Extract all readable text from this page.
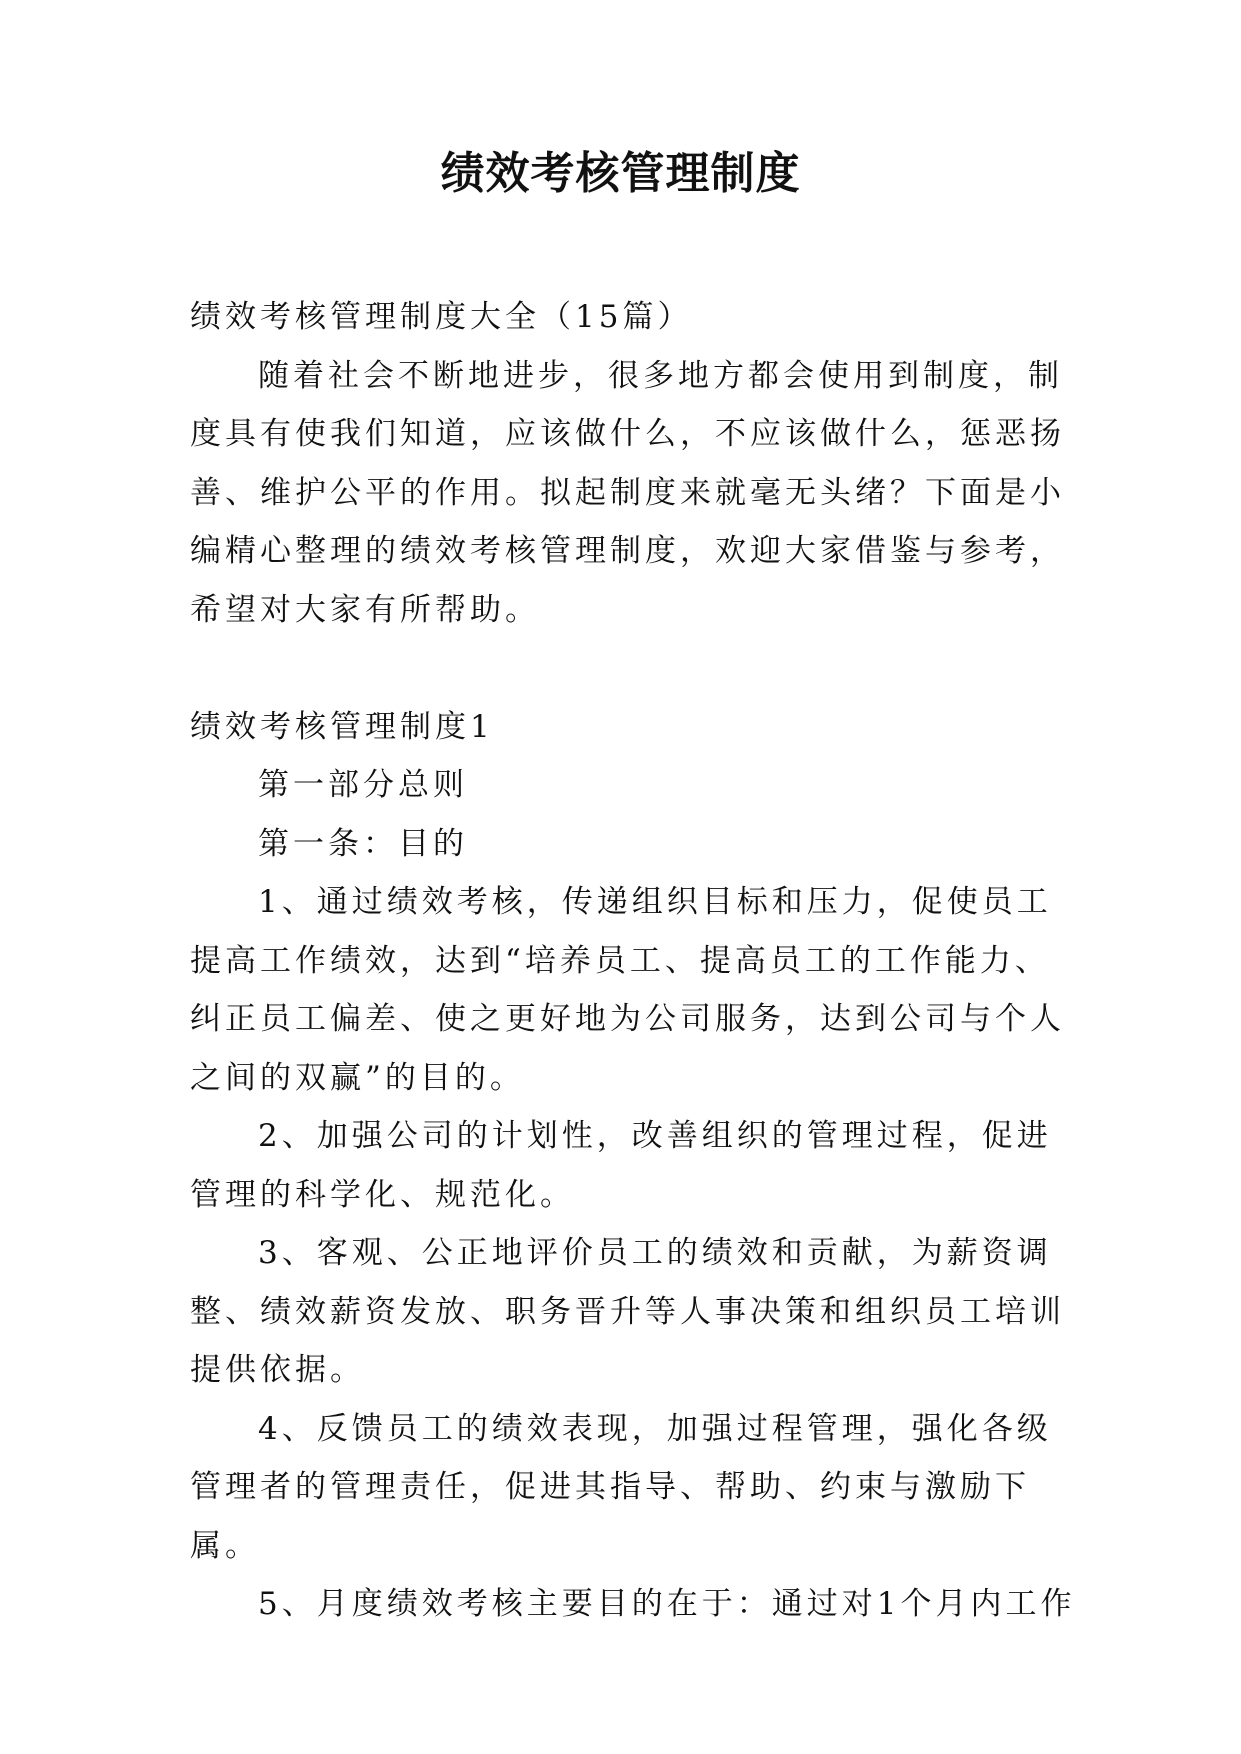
绩效考核管理制度

绩效考核管理制度大全（15篇）

随着社会不断地进步，很多地方都会使用到制度，制度具有使我们知道，应该做什么，不应该做什么，惩恶扬善、维护公平的作用。拟起制度来就毫无头绪？下面是小编精心整理的绩效考核管理制度，欢迎大家借鉴与参考，希望对大家有所帮助。

绩效考核管理制度1

第一部分总则

第一条：目的

1、通过绩效考核，传递组织目标和压力，促使员工提高工作绩效，达到“培养员工、提高员工的工作能力、纠正员工偏差、使之更好地为公司服务，达到公司与个人之间的双赢”的目的。

2、加强公司的计划性，改善组织的管理过程，促进管理的科学化、规范化。

3、客观、公正地评价员工的绩效和贡献，为薪资调整、绩效薪资发放、职务晋升等人事决策和组织员工培训提供依据。

4、反馈员工的绩效表现，加强过程管理，强化各级管理者的管理责任，促进其指导、帮助、约束与激励下属。

5、月度绩效考核主要目的在于：通过对1个月内工作
